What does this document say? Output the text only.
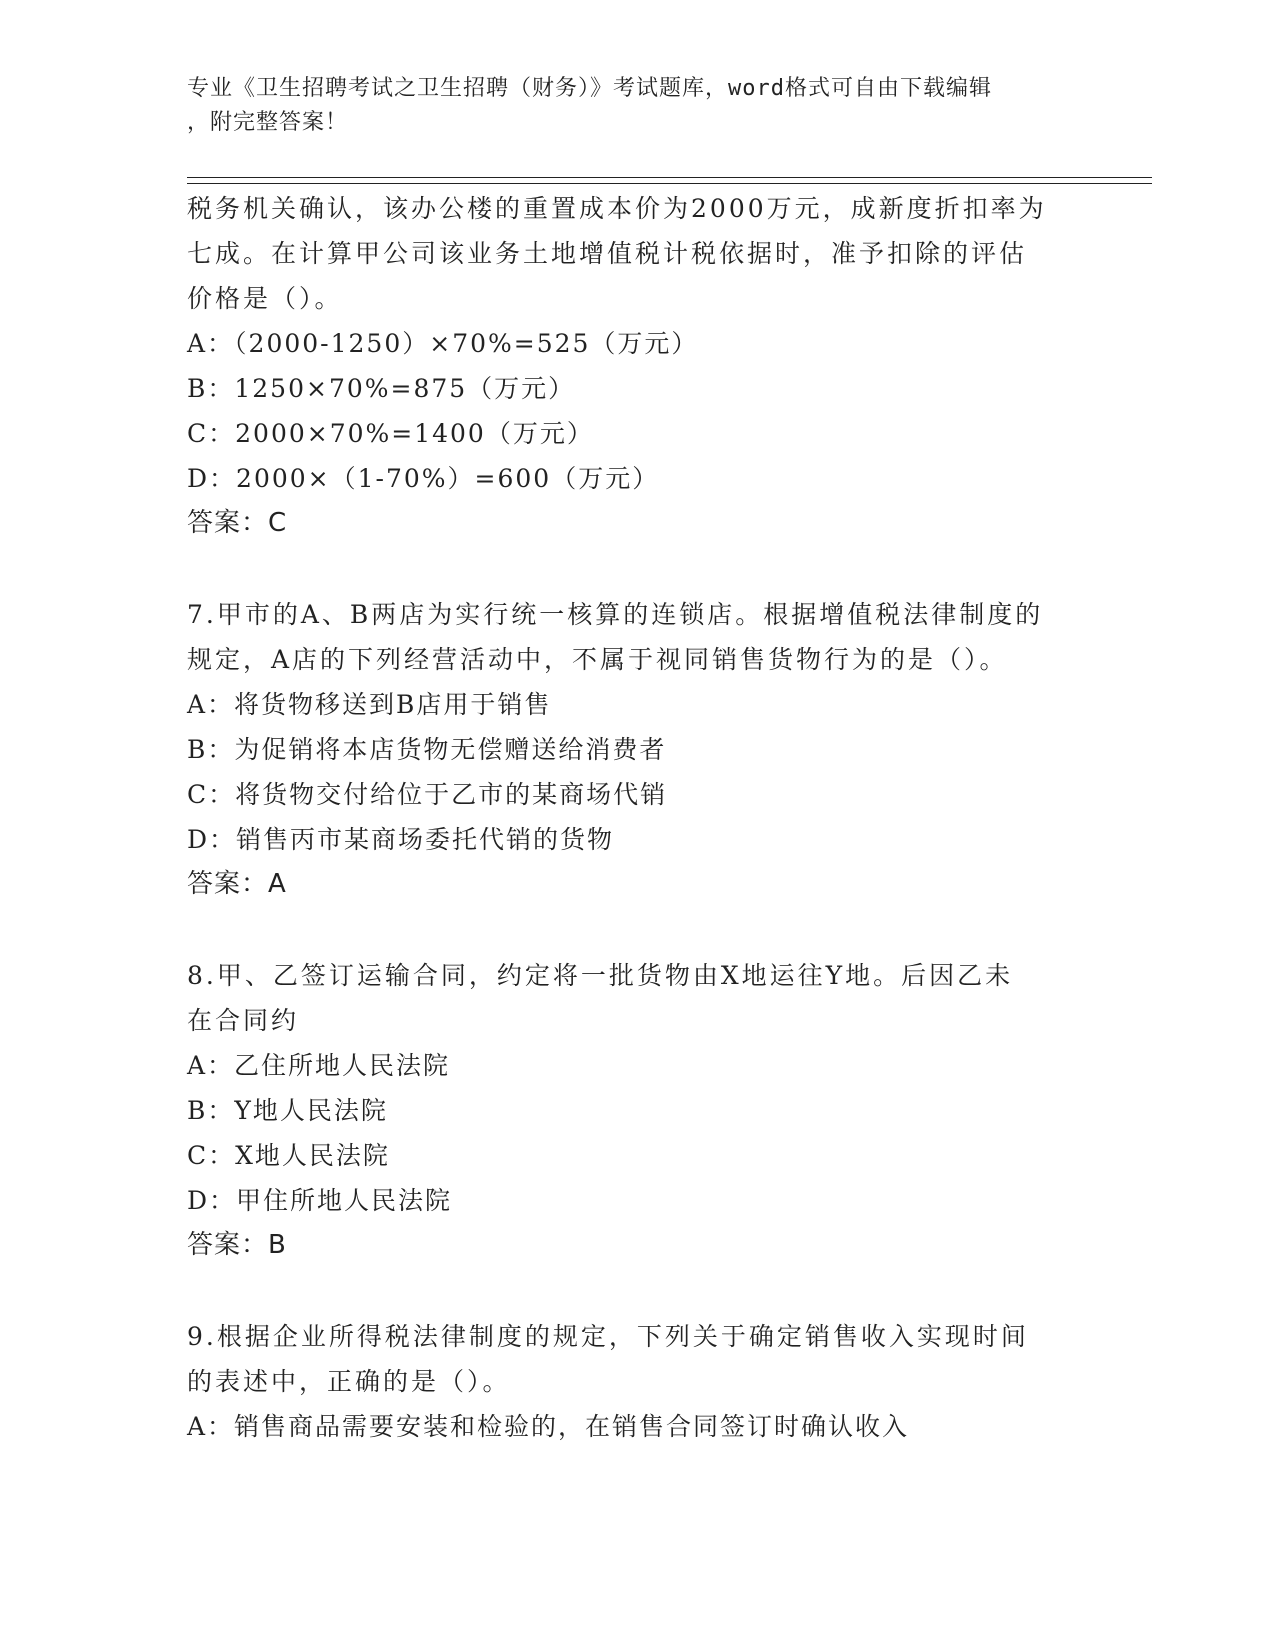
专业《卫生招聘考试之卫生招聘（财务）》考试题库，word格式可自由下载编辑
，附完整答案！
税务机关确认，该办公楼的重置成本价为2000万元，成新度折扣率为
七成。在计算甲公司该业务土地增值税计税依据时，准予扣除的评估
价格是（）。
A：（2000-1250）×70%=525（万元）
B：1250×70%=875（万元）
C：2000×70%=1400（万元）
D：2000×（1-70%）=600（万元）
答案：C
7.甲市的A、B两店为实行统一核算的连锁店。根据增值税法律制度的
规定，A店的下列经营活动中，不属于视同销售货物行为的是（）。
A：将货物移送到B店用于销售
B：为促销将本店货物无偿赠送给消费者
C：将货物交付给位于乙市的某商场代销
D：销售丙市某商场委托代销的货物
答案：A
8.甲、乙签订运输合同，约定将一批货物由X地运往Y地。后因乙未
在合同约
A：乙住所地人民法院
B：Y地人民法院
C：X地人民法院
D：甲住所地人民法院
答案：B
9.根据企业所得税法律制度的规定，下列关于确定销售收入实现时间
的表述中，正确的是（）。
A：销售商品需要安装和检验的，在销售合同签订时确认收入
